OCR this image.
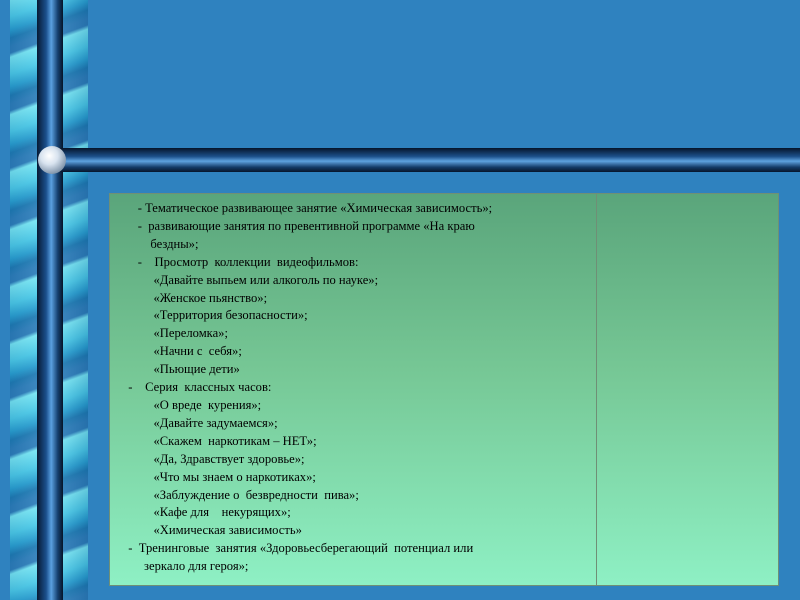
- Тематическое развивающее занятие «Химическая зависимость»;
-  развивающие занятия по превентивной программе «На краю
бездны»;
-    Просмотр  коллекции  видеофильмов:
«Давайте выпьем или алкоголь по науке»;
«Женское пьянство»;
«Территория безопасности»;
«Переломка»;
«Начни с  себя»;
«Пьющие дети»
-    Серия  классных часов:
«О вреде  курения»;
«Давайте задумаемся»;
«Скажем  наркотикам – НЕТ»;
«Да, Здравствует здоровье»;
«Что мы знаем о наркотиках»;
«Заблуждение о  безвредности  пива»;
«Кафе для    некурящих»;
«Химическая зависимость»
-  Тренинговые  занятия «Здоровьесберегающий  потенциал или
зеркало для героя»;
